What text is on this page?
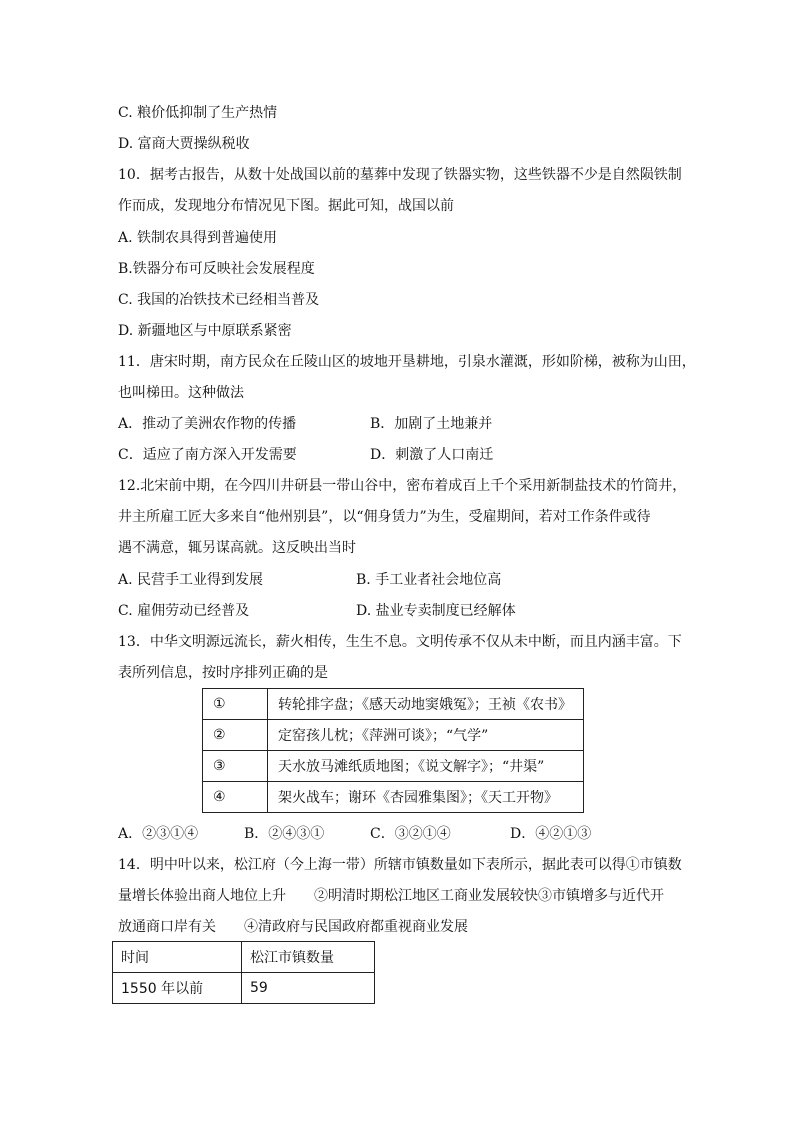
C. 粮价低抑制了生产热情
D. 富商大贾操纵税收
10．据考古报告，从数十处战国以前的墓葬中发现了铁器实物，这些铁器不少是自然陨铁制
作而成，发现地分布情况见下图。据此可知，战国以前
A. 铁制农具得到普遍使用
B.铁器分布可反映社会发展程度
C. 我国的冶铁技术已经相当普及
D. 新疆地区与中原联系紧密
11．唐宋时期，南方民众在丘陵山区的坡地开垦耕地，引泉水灌溉，形如阶梯，被称为山田，
也叫梯田。这种做法
A．推动了美洲农作物的传播	B．加剧了土地兼并
C．适应了南方深入开发需要	D．刺激了人口南迁
12.北宋前中期，在今四川井研县一带山谷中，密布着成百上千个采用新制盐技术的竹筒井，
井主所雇工匠大多来自“他州别县”，以“佣身赁力”为生，受雇期间，若对工作条件或待
遇不满意，辄另谋高就。这反映出当时
A. 民营手工业得到发展	B. 手工业者社会地位高
C. 雇佣劳动已经普及	D. 盐业专卖制度已经解体
13．中华文明源远流长，薪火相传，生生不息。文明传承不仅从未中断，而且内涵丰富。下
表所列信息，按时序排列正确的是
①	转轮排字盘；《感天动地窦娥冤》；王祯《农书》
②	定窑孩儿枕；《萍洲可谈》；“气学”
③	天水放马滩纸质地图；《说文解字》；“井渠”
④	架火战车；谢环《杏园雅集图》；《天工开物》
A．②③①④	B．②④③①	C．③②①④	D．④②①③
14．明中叶以来，松江府（今上海一带）所辖市镇数量如下表所示，据此表可以得①市镇数
量增长体验出商人地位上升　　②明清时期松江地区工商业发展较快③市镇增多与近代开
放通商口岸有关　　④清政府与民国政府都重视商业发展
时间	松江市镇数量
1550 年以前	59
